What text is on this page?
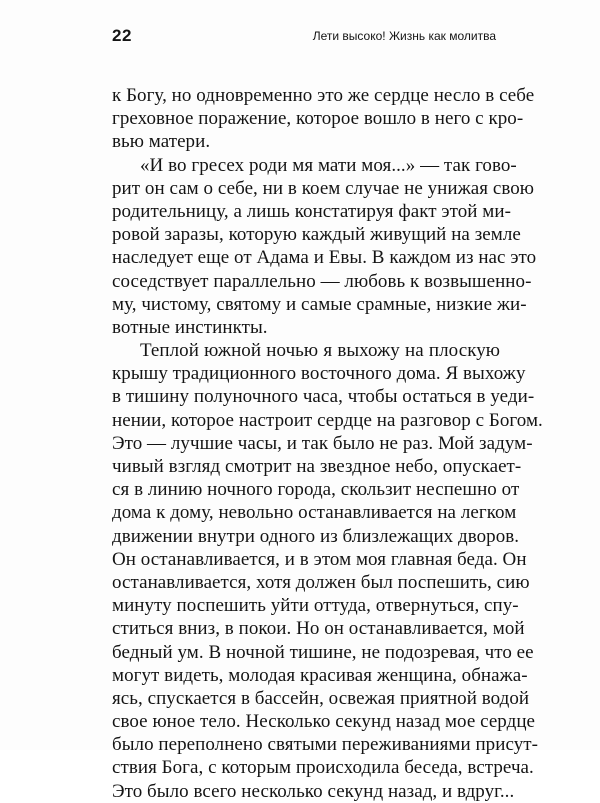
22	Лети высоко! Жизнь как молитва
к Богу, но одновременно это же сердце несло в себе
греховное поражение, которое вошло в него с кро-
вью матери.
«И во гресех роди мя мати моя...» — так гово-
рит он сам о себе, ни в коем случае не унижая свою
родительницу, а лишь констатируя факт этой ми-
ровой заразы, которую каждый живущий на земле
наследует еще от Адама и Евы. В каждом из нас это
соседствует параллельно — любовь к возвышенно-
му, чистому, святому и самые срамные, низкие жи-
вотные инстинкты.
Теплой южной ночью я выхожу на плоскую
крышу традиционного восточного дома. Я выхожу
в тишину полуночного часа, чтобы остаться в уеди-
нении, которое настроит сердце на разговор с Богом.
Это — лучшие часы, и так было не раз. Мой задум-
чивый взгляд смотрит на звездное небо, опускает-
ся в линию ночного города, скользит неспешно от
дома к дому, невольно останавливается на легком
движении внутри одного из близлежащих дворов.
Он останавливается, и в этом моя главная беда. Он
останавливается, хотя должен был поспешить, сию
минуту поспешить уйти оттуда, отвернуться, спу-
ститься вниз, в покои. Но он останавливается, мой
бедный ум. В ночной тишине, не подозревая, что ее
могут видеть, молодая красивая женщина, обнажа-
ясь, спускается в бассейн, освежая приятной водой
свое юное тело. Несколько секунд назад мое сердце
было переполнено святыми переживаниями присут-
ствия Бога, с которым происходила беседа, встреча.
Это было всего несколько секунд назад, и вдруг...
